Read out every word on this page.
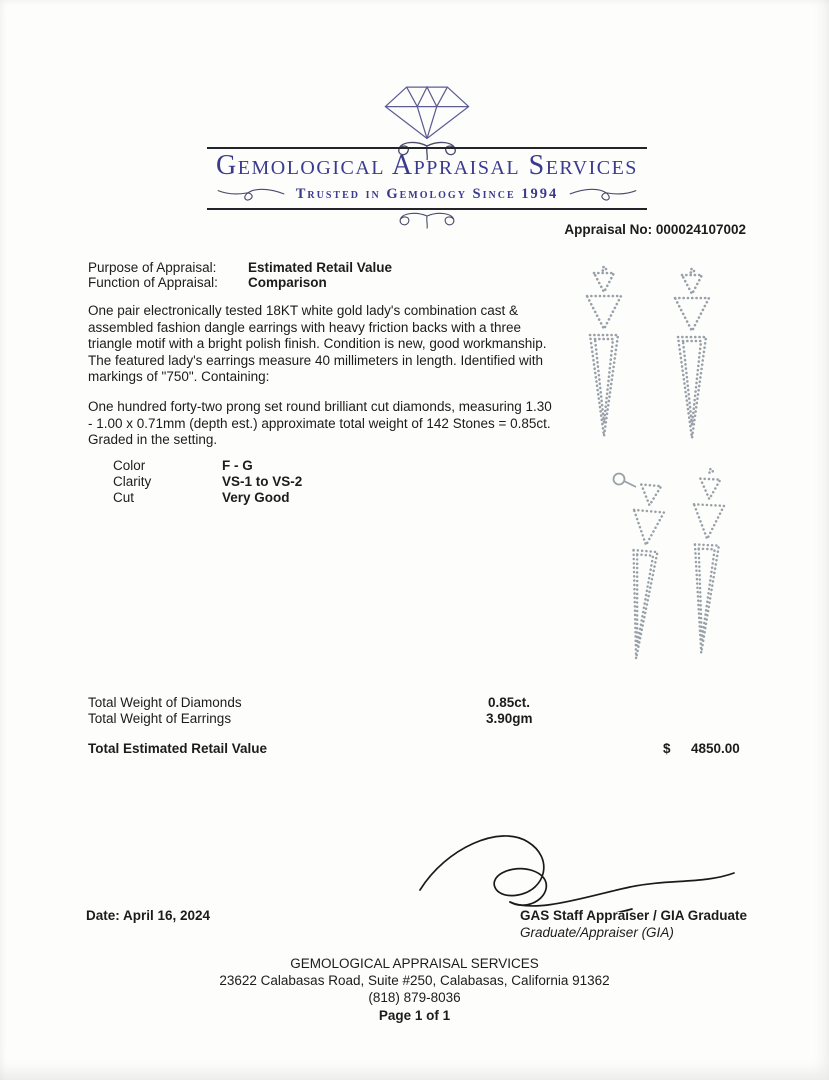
Gemological Appraisal Services
Trusted in Gemology Since 1994
Appraisal No: 000024107002
Purpose of Appraisal: Estimated Retail Value
Function of Appraisal: Comparison
One pair electronically tested 18KT white gold lady's combination cast & assembled fashion dangle earrings with heavy friction backs with a three triangle motif with a bright polish finish. Condition is new, good workmanship. The featured lady's earrings measure 40 millimeters in length. Identified with markings of "750". Containing:
One hundred forty-two prong set round brilliant cut diamonds, measuring 1.30 - 1.00 x 0.71mm (depth est.) approximate total weight of 142 Stones = 0.85ct. Graded in the setting.
Color	F - G
Clarity	VS-1 to VS-2
Cut	Very Good
Total Weight of Diamonds	0.85ct.
Total Weight of Earrings	3.90gm
Total Estimated Retail Value	$ 4850.00
Date: April 16, 2024	GAS Staff Appraiser / GIA Graduate
Graduate/Appraiser (GIA)
GEMOLOGICAL APPRAISAL SERVICES
23622 Calabasas Road, Suite #250, Calabasas, California 91362
(818) 879-8036
Page 1 of 1
